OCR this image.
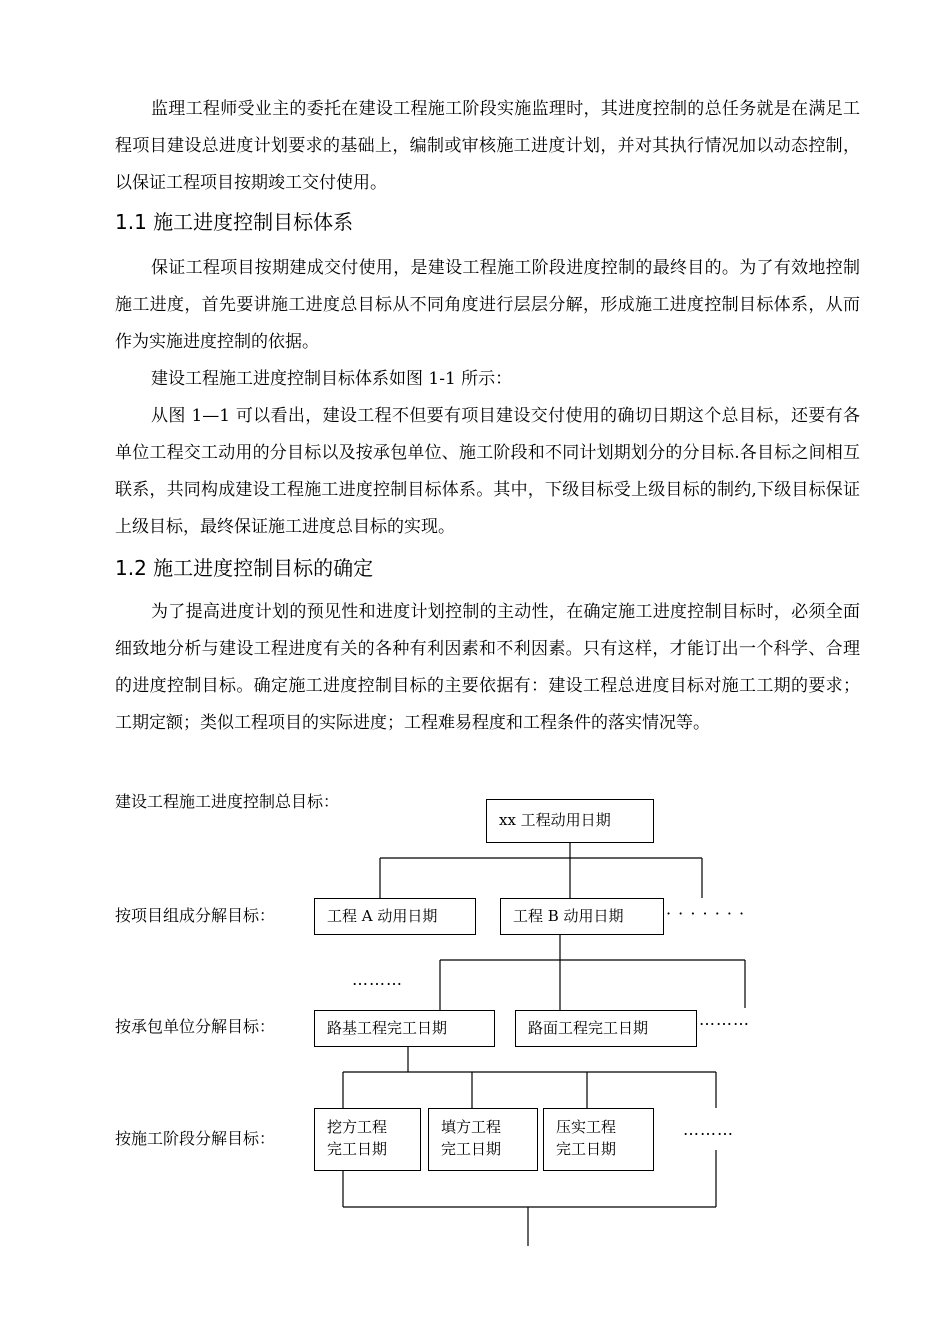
监理工程师受业主的委托在建设工程施工阶段实施监理时，其进度控制的总任务就是在满足工程项目建设总进度计划要求的基础上，编制或审核施工进度计划，并对其执行情况加以动态控制，以保证工程项目按期竣工交付使用。

1.1 施工进度控制目标体系

保证工程项目按期建成交付使用，是建设工程施工阶段进度控制的最终目的。为了有效地控制施工进度，首先要讲施工进度总目标从不同角度进行层层分解，形成施工进度控制目标体系，从而作为实施进度控制的依据。

建设工程施工进度控制目标体系如图 1-1 所示：

从图 1—1 可以看出，建设工程不但要有项目建设交付使用的确切日期这个总目标，还要有各单位工程交工动用的分目标以及按承包单位、施工阶段和不同计划期划分的分目标.各目标之间相互联系，共同构成建设工程施工进度控制目标体系。其中，下级目标受上级目标的制约,下级目标保证上级目标，最终保证施工进度总目标的实现。

1.2 施工进度控制目标的确定

为了提高进度计划的预见性和进度计划控制的主动性，在确定施工进度控制目标时，必须全面细致地分析与建设工程进度有关的各种有利因素和不利因素。只有这样，才能订出一个科学、合理的进度控制目标。确定施工进度控制目标的主要依据有：建设工程总进度目标对施工工期的要求；工期定额；类似工程项目的实际进度；工程难易程度和工程条件的落实情况等。

建设工程施工进度控制总目标：
按项目组成分解目标：
按承包单位分解目标：
按施工阶段分解目标：
xx 工程动用日期
工程 A 动用日期	工程 B 动用日期	· · · · · · ·
………
路基工程完工日期	路面工程完工日期	………
挖方工程
完工日期
填方工程
完工日期
压实工程
完工日期
………
